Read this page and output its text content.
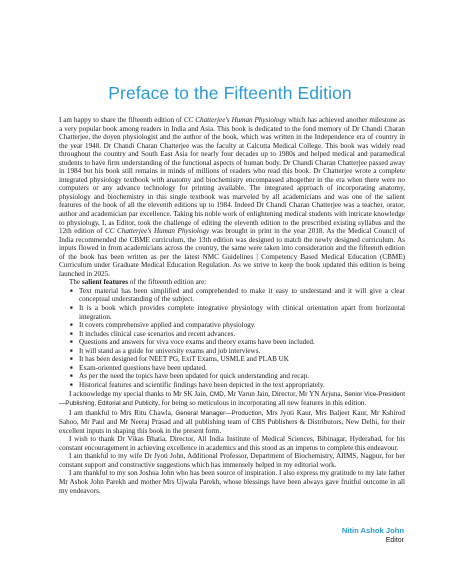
Preface to the Fifteenth Edition

I am happy to share the fifteenth edition of CC Chatterjee's Human Physiology which has achieved another milestone as a very popular book among readers in India and Asia. This book is dedicated to the fond memory of Dr Chandi Charan Chatterjee, the doyen physiologist and the author of the book, which was written in the Independence era of country in the year 1948. Dr Chandi Charan Chatterjee was the faculty at Calcutta Medical College. This book was widely read throughout the country and South East Asia for nearly four decades up to 1980s and helped medical and paramedical students to have firm understanding of the functional aspects of human body. Dr Chandi Charan Chatterjee passed away in 1984 but his book still remains in minds of millions of readers who read this book. Dr Chatterjee wrote a complete integrated physiology textbook with anatomy and biochemistry encompassed altogether in the era when there were no computers or any advance technology for printing available. The integrated approach of incorporating anatomy, physiology and biochemistry in this single textbook was marveled by all academicians and was one of the salient features of the book of all the eleventh editions up to 1984. Indeed Dr Chandi Charan Chatterjee was a teacher, orator, author and academician par excellence. Taking his noble work of enlightening medical students with intricate knowledge to physiology, I, as Editor, took the challenge of editing the eleventh edition to the prescribed existing syllabus and the 12th edition of CC Chatterjee's Human Physiology was brought in print in the year 2018. As the Medical Council of India recommended the CBME curriculum, the 13th edition was designed to match the newly designed curriculum. As inputs flowed in from academicians across the country, the same were taken into consideration and the fifteenth edition of the book has been written as per the latest NMC Guidelines | Competency Based Medical Education (CBME) Curriculum under Graduate Medical Education Regulation. As we strive to keep the book updated this edition is being launched in 2025.

The salient features of the fifteenth edition are:

■ Text material has been simplified and comprehended to make it easy to understand and it will give a clear conceptual understanding of the subject.
■ It is a book which provides complete integrative physiology with clinical orientation apart from horizontal integration.
■ It covers comprehensive applied and comparative physiology.
■ It includes clinical case scenarios and recent advances.
■ Questions and answers for viva voce exams and theory exams have been included.
■ It will stand as a guide for university exams and job interviews.
■ It has been designed for NEET PG, ExiT Exams, USMLE and PLAB UK
■ Exam-oriented questions have been updated.
■ As per the need the topics have been updated for quick understanding and recap.
■ Historical features and scientific findings have been depicted in the text appropriately.

I acknowledge my special thanks to Mr SK Jain, CMD, Mr Varun Jain, Director, Mr YN Arjuna, Senior Vice-President—Publishing, Editorial and Publicity, for being so meticulous in incorporating all new features in this edition.

I am thankful to Mrs Ritu Chawla, General Manager—Production, Mrs Jyoti Kaur, Mrs Baljeet Kaur, Mr Kshirod Sahoo, Mr Paul and Mr Neeraj Prasad and all publishing team of CBS Publishers & Distributors, New Delhi, for their excellent inputs in shaping this book in the present form.

I wish to thank Dr Vikas Bhatia, Director, All India Institute of Medical Sciences, Bibinagar, Hyderabad, for his constant encouragement in achieving excellence in academics and this stood as an impetus to complete this endeavour.

I am thankful to my wife Dr Jyoti John, Additional Professor, Department of Biochemistry, AIIMS, Nagpur, for her constant support and constructive suggestions which has immensely helped in my editorial work.

I am thankful to my son Joshua John who has been source of inspiration. I also express my gratitude to my late father Mr Ashok John Parekh and mother Mrs Ujwala Parekh, whose blessings have been always gave fruitful outcome in all my endeavors.

Nitin Ashok John
Editor
